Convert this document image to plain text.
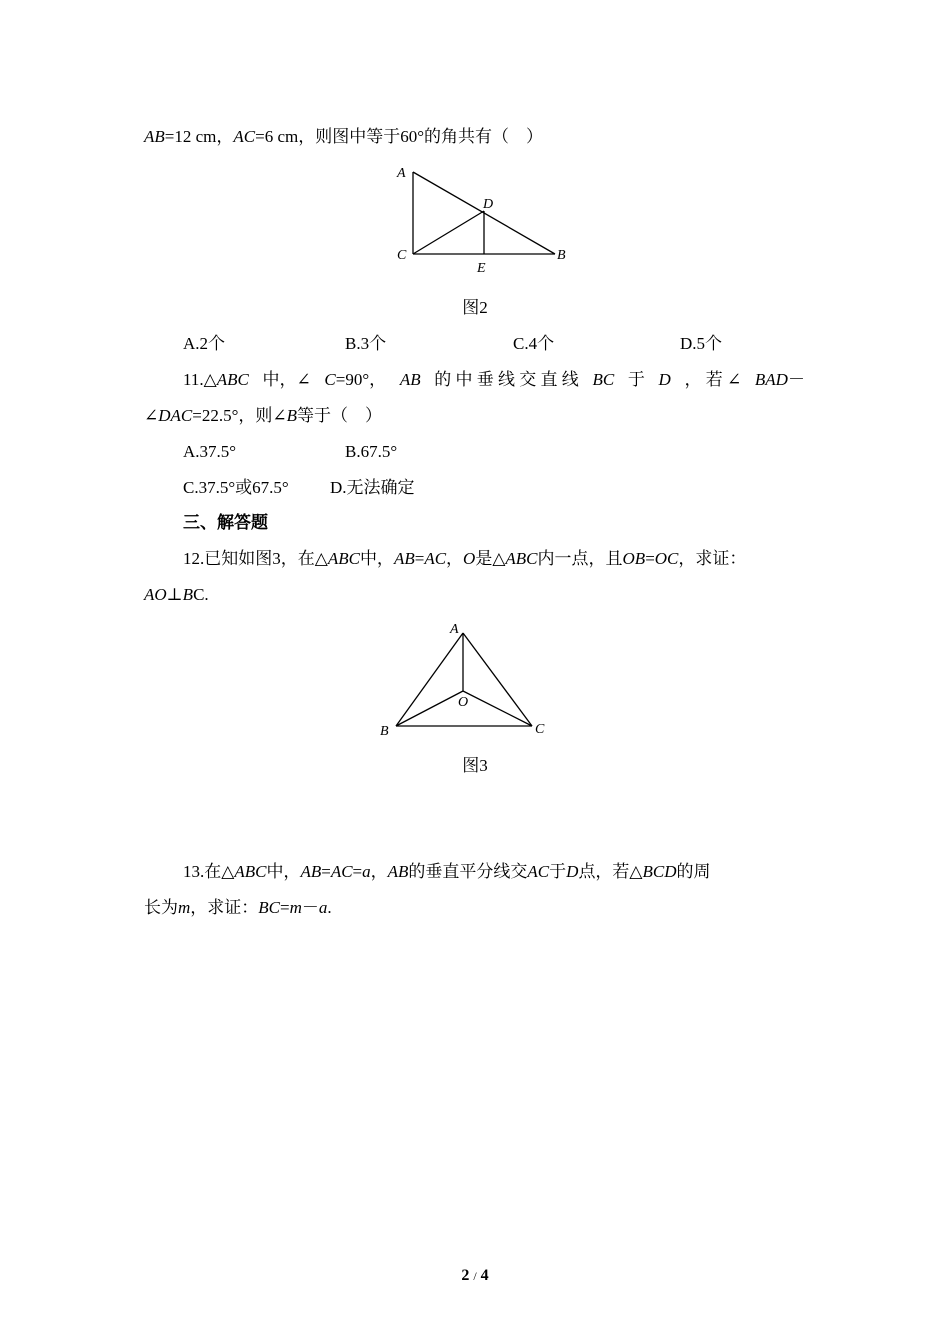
AB=12 cm，AC=6 cm，则图中等于60°的角共有（　）
A
D
C	B
E
图2
A.2个	B.3个	C.4个	D.5个
11.△ABC 中，∠ C=90°， AB 的 中 垂 线 交 直 线 BC 于 D ， 若 ∠ BAD－
∠DAC=22.5°，则∠B等于（　）
A.37.5°	B.67.5°
C.37.5°或67.5° D.无法确定
三、解答题
12.已知如图3，在△ABC中，AB=AC，O是△ABC内一点，且OB=OC，求证：
AO⊥BC.
A
O
B	C
图3
13.在△ABC中，AB=AC=a，AB的垂直平分线交AC于D点，若△BCD的周
长为m，求证：BC=m－a.
2 / 4
